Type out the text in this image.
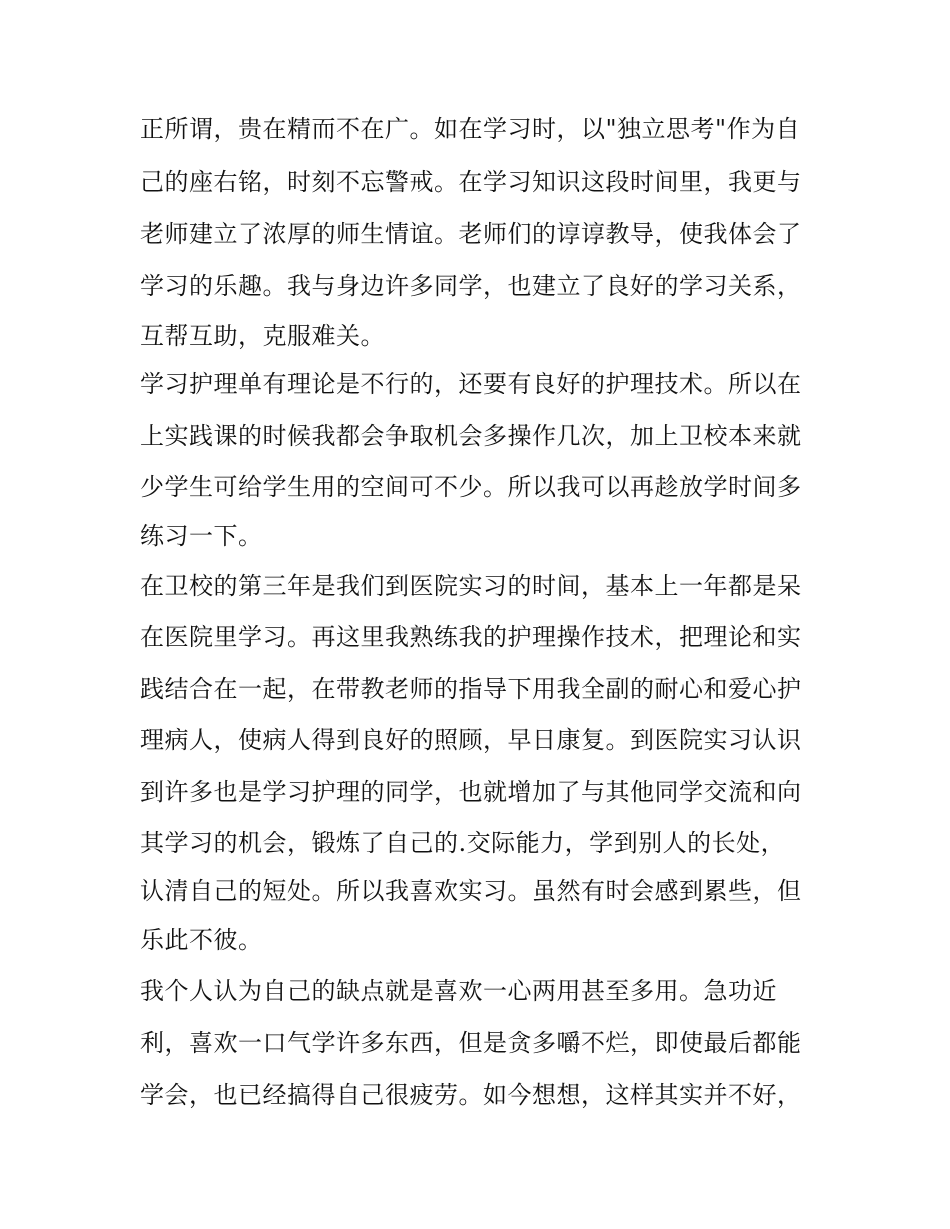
正所谓，贵在精而不在广。如在学习时，以"独立思考"作为自
己的座右铭，时刻不忘警戒。在学习知识这段时间里，我更与
老师建立了浓厚的师生情谊。老师们的谆谆教导，使我体会了
学习的乐趣。我与身边许多同学，也建立了良好的学习关系，
互帮互助，克服难关。
学习护理单有理论是不行的，还要有良好的护理技术。所以在
上实践课的时候我都会争取机会多操作几次，加上卫校本来就
少学生可给学生用的空间可不少。所以我可以再趁放学时间多
练习一下。
在卫校的第三年是我们到医院实习的时间，基本上一年都是呆
在医院里学习。再这里我熟练我的护理操作技术，把理论和实
践结合在一起，在带教老师的指导下用我全副的耐心和爱心护
理病人，使病人得到良好的照顾，早日康复。到医院实习认识
到许多也是学习护理的同学，也就增加了与其他同学交流和向
其学习的机会，锻炼了自己的.交际能力，学到别人的长处，
认清自己的短处。所以我喜欢实习。虽然有时会感到累些，但
乐此不彼。
我个人认为自己的缺点就是喜欢一心两用甚至多用。急功近
利，喜欢一口气学许多东西，但是贪多嚼不烂，即使最后都能
学会，也已经搞得自己很疲劳。如今想想，这样其实并不好，
